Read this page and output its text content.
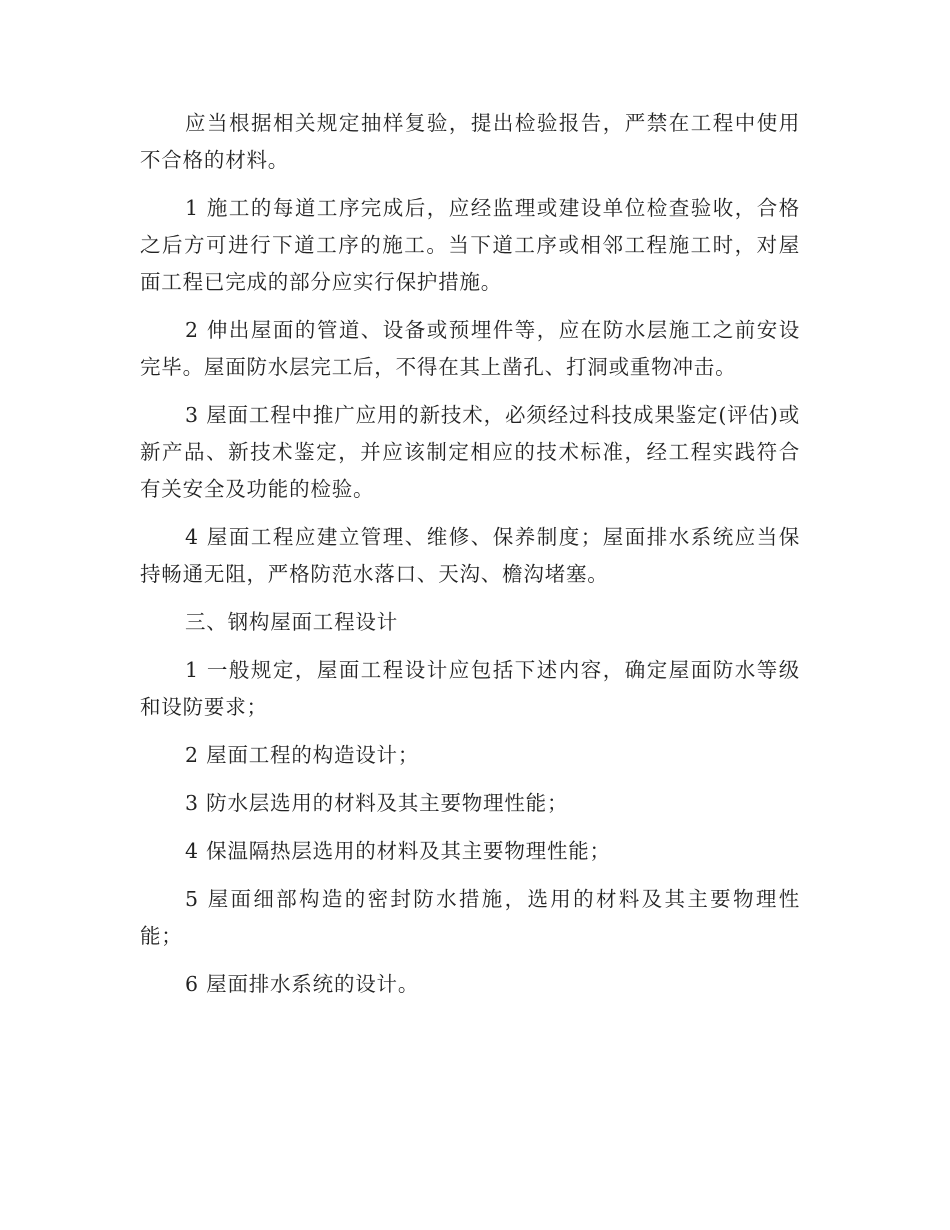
应当根据相关规定抽样复验，提出检验报告，严禁在工程中使用不合格的材料。

1 施工的每道工序完成后，应经监理或建设单位检查验收，合格之后方可进行下道工序的施工。当下道工序或相邻工程施工时，对屋面工程已完成的部分应实行保护措施。

2 伸出屋面的管道、设备或预埋件等，应在防水层施工之前安设完毕。屋面防水层完工后，不得在其上凿孔、打洞或重物冲击。

3 屋面工程中推广应用的新技术，必须经过科技成果鉴定(评估)或新产品、新技术鉴定，并应该制定相应的技术标准，经工程实践符合有关安全及功能的检验。

4 屋面工程应建立管理、维修、保养制度；屋面排水系统应当保持畅通无阻，严格防范水落口、天沟、檐沟堵塞。

三、钢构屋面工程设计

1 一般规定，屋面工程设计应包括下述内容，确定屋面防水等级和设防要求；

2 屋面工程的构造设计；

3 防水层选用的材料及其主要物理性能；

4 保温隔热层选用的材料及其主要物理性能；

5 屋面细部构造的密封防水措施，选用的材料及其主要物理性能；

6 屋面排水系统的设计。
